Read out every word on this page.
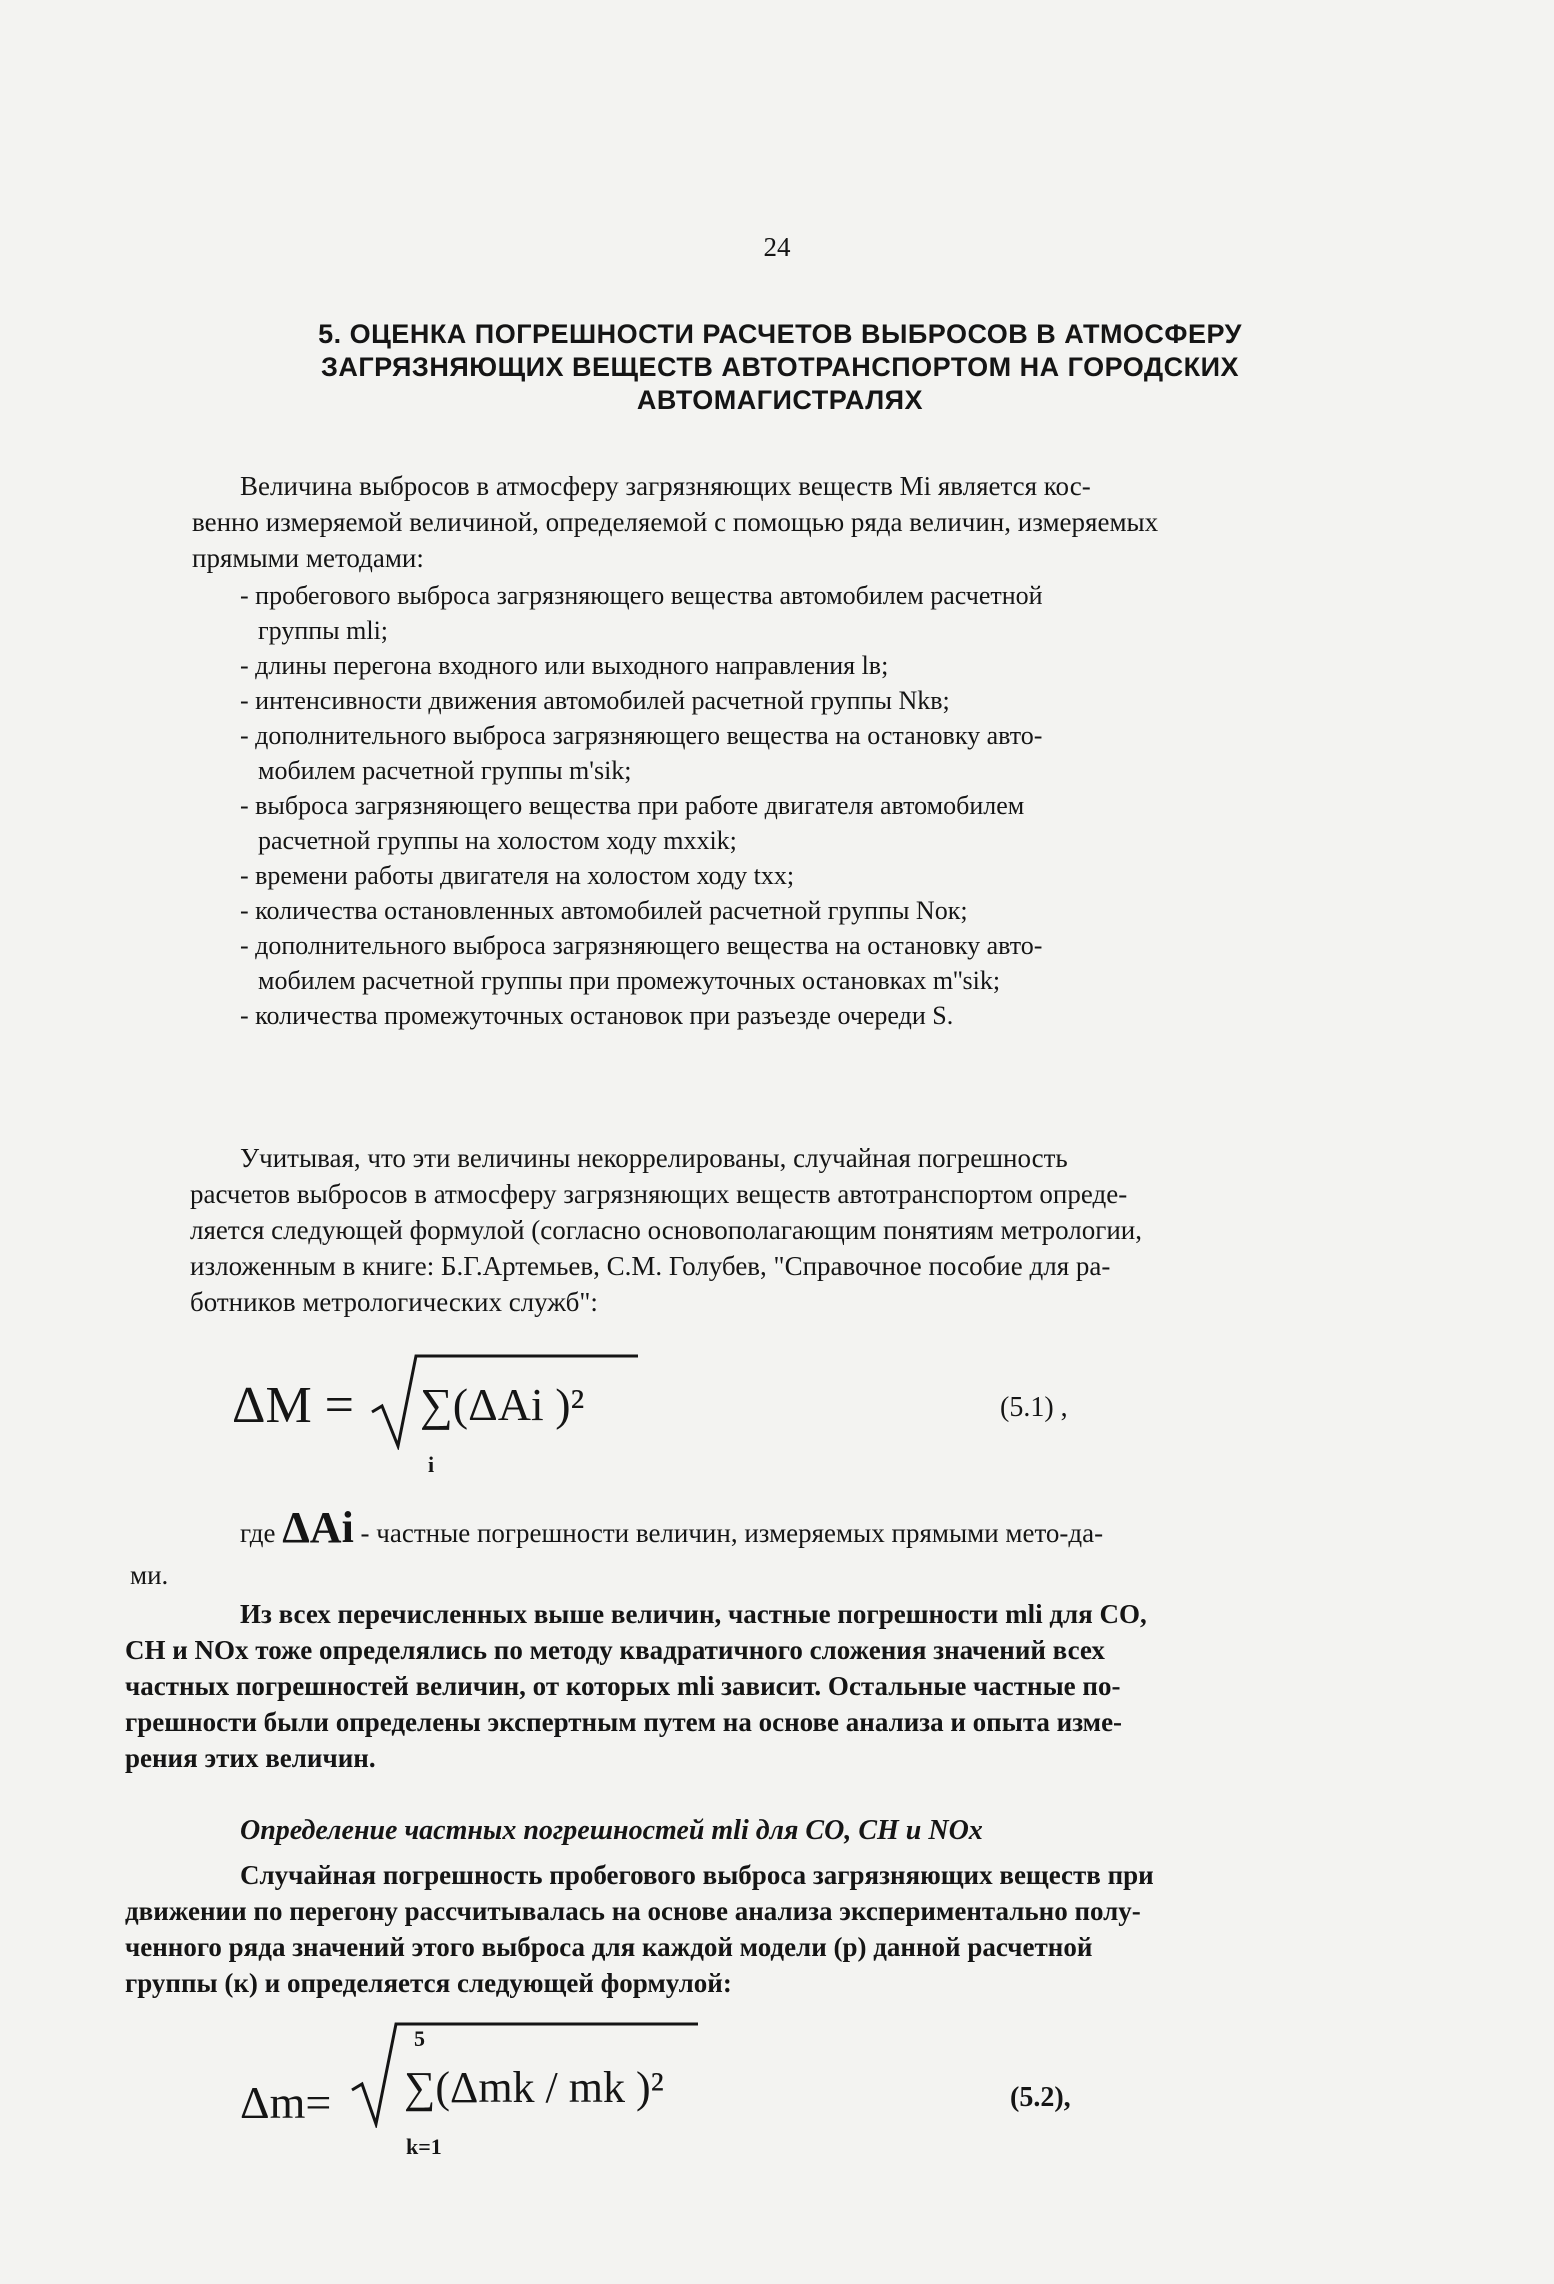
24
5. ОЦЕНКА ПОГРЕШНОСТИ РАСЧЕТОВ ВЫБРОСОВ В АТМОСФЕРУ
ЗАГРЯЗНЯЮЩИХ ВЕЩЕСТВ АВТОТРАНСПОРТОМ НА ГОРОДСКИХ
АВТОМАГИСТРАЛЯХ
Величина выбросов в атмосферу загрязняющих веществ Mi является кос-
венно измеряемой величиной, определяемой с помощью ряда величин, измеряемых
прямыми методами:
- пробегового выброса загрязняющего вещества автомобилем расчетной
группы mli;
- длины перегона входного или выходного направления lв;
- интенсивности движения автомобилей расчетной группы Nkв;
- дополнительного выброса загрязняющего вещества на остановку авто-
мобилем расчетной группы m'sik;
- выброса загрязняющего вещества при работе двигателя автомобилем
расчетной группы на холостом ходу mxxik;
- времени работы двигателя на холостом ходу txx;
- количества остановленных автомобилей расчетной группы Nок;
- дополнительного выброса загрязняющего вещества на остановку авто-
мобилем расчетной группы при промежуточных остановках m''sik;
- количества промежуточных остановок при разъезде очереди S.
Учитывая, что эти величины некоррелированы, случайная погрешность
расчетов выбросов в атмосферу загрязняющих веществ автотранспортом опреде-
ляется следующей формулой (согласно основополагающим понятиям метрологии,
изложенным в книге: Б.Г.Артемьев, С.М. Голубев, "Справочное пособие для ра-
ботников метрологических служб":
ΔM = ∑(ΔAi )²
i
(5.1) ,
где ΔAi - частные погрешности величин, измеряемых прямыми мето-да-
ми.
Из всех перечисленных выше величин, частные погрешности mli для CO,
CH и NOx тоже определялись по методу квадратичного сложения значений всех
частных погрешностей величин, от которых mli зависит. Остальные частные по-
грешности были определены экспертным путем на основе анализа и опыта изме-
рения этих величин.
Определение частных погрешностей mli для CO, CH и NOx
Случайная погрешность пробегового выброса загрязняющих веществ при
движении по перегону рассчитывалась на основе анализа экспериментально полу-
ченного ряда значений этого выброса для каждой модели (p) данной расчетной
группы (к) и определяется следующей формулой:
Δm=
5
∑(Δmk / mk )²
k=1
(5.2),
